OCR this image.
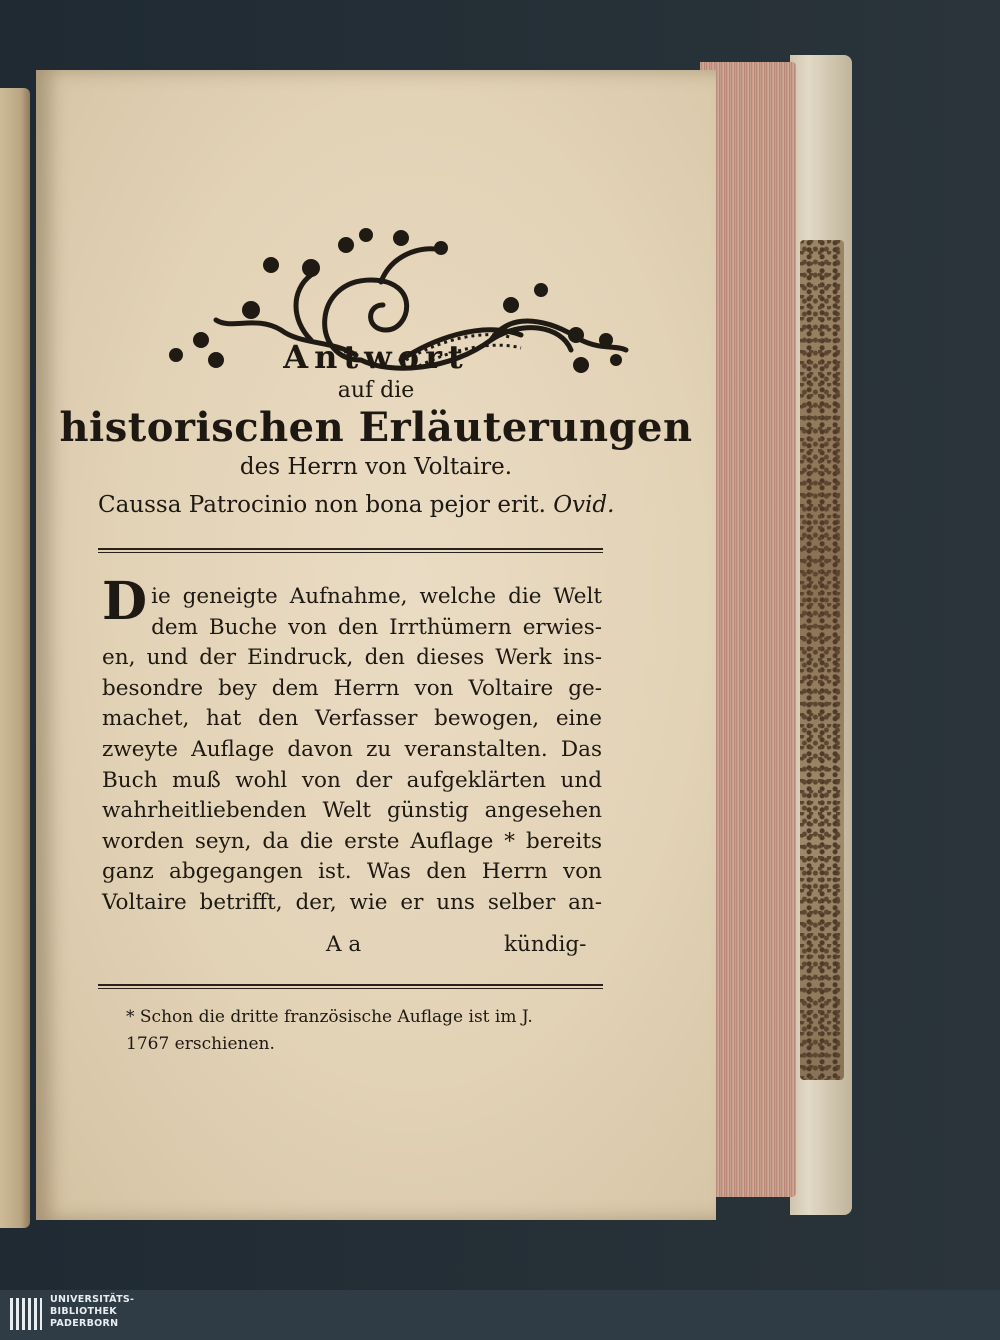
Antwort
auf die
historischen Erläuterungen
des Herrn von Voltaire.
Caussa Patrocinio non bona pejor erit. Ovid.
D ie geneigte Aufnahme, welche die Welt
dem Buche von den Irrthümern erwies-
en, und der Eindruck, den dieses Werk ins-
besondre bey dem Herrn von Voltaire ge-
machet, hat den Verfasser bewogen, eine
zweyte Auflage davon zu veranstalten. Das
Buch muß wohl von der aufgeklärten und
wahrheitliebenden Welt günstig angesehen
worden seyn, da die erste Auflage * bereits
ganz abgegangen ist. Was den Herrn von
Voltaire betrifft, der, wie er uns selber an-
A a	kündig-
* Schon die dritte französische Auflage ist im J.
1767 erschienen.
UNIVERSITÄTS-
BIBLIOTHEK
PADERBORN
